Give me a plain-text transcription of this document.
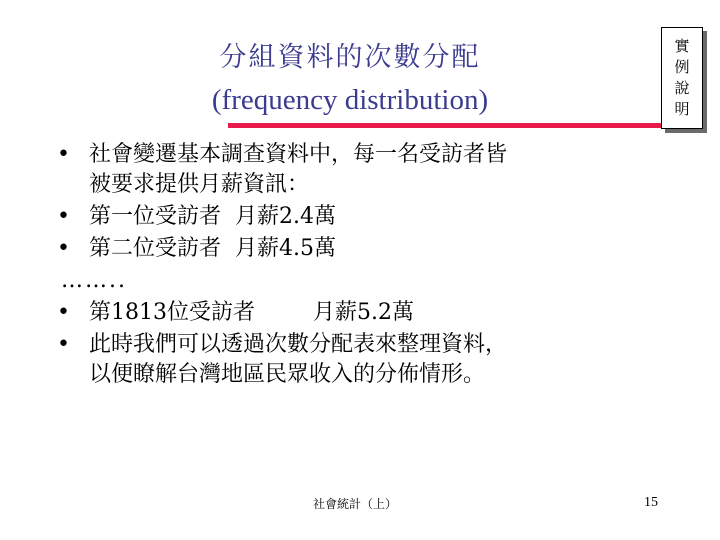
分組資料的次數分配
(frequency distribution)
實
例
說
明
• 社會變遷基本調查資料中，每一名受訪者皆
被要求提供月薪資訊：
• 第一位受訪者 月薪2.4萬
• 第二位受訪者 月薪4.5萬
……..
• 第1813位受訪者	月薪5.2萬
• 此時我們可以透過次數分配表來整理資料，
以便瞭解台灣地區民眾收入的分佈情形。
社會統計（上）	15
